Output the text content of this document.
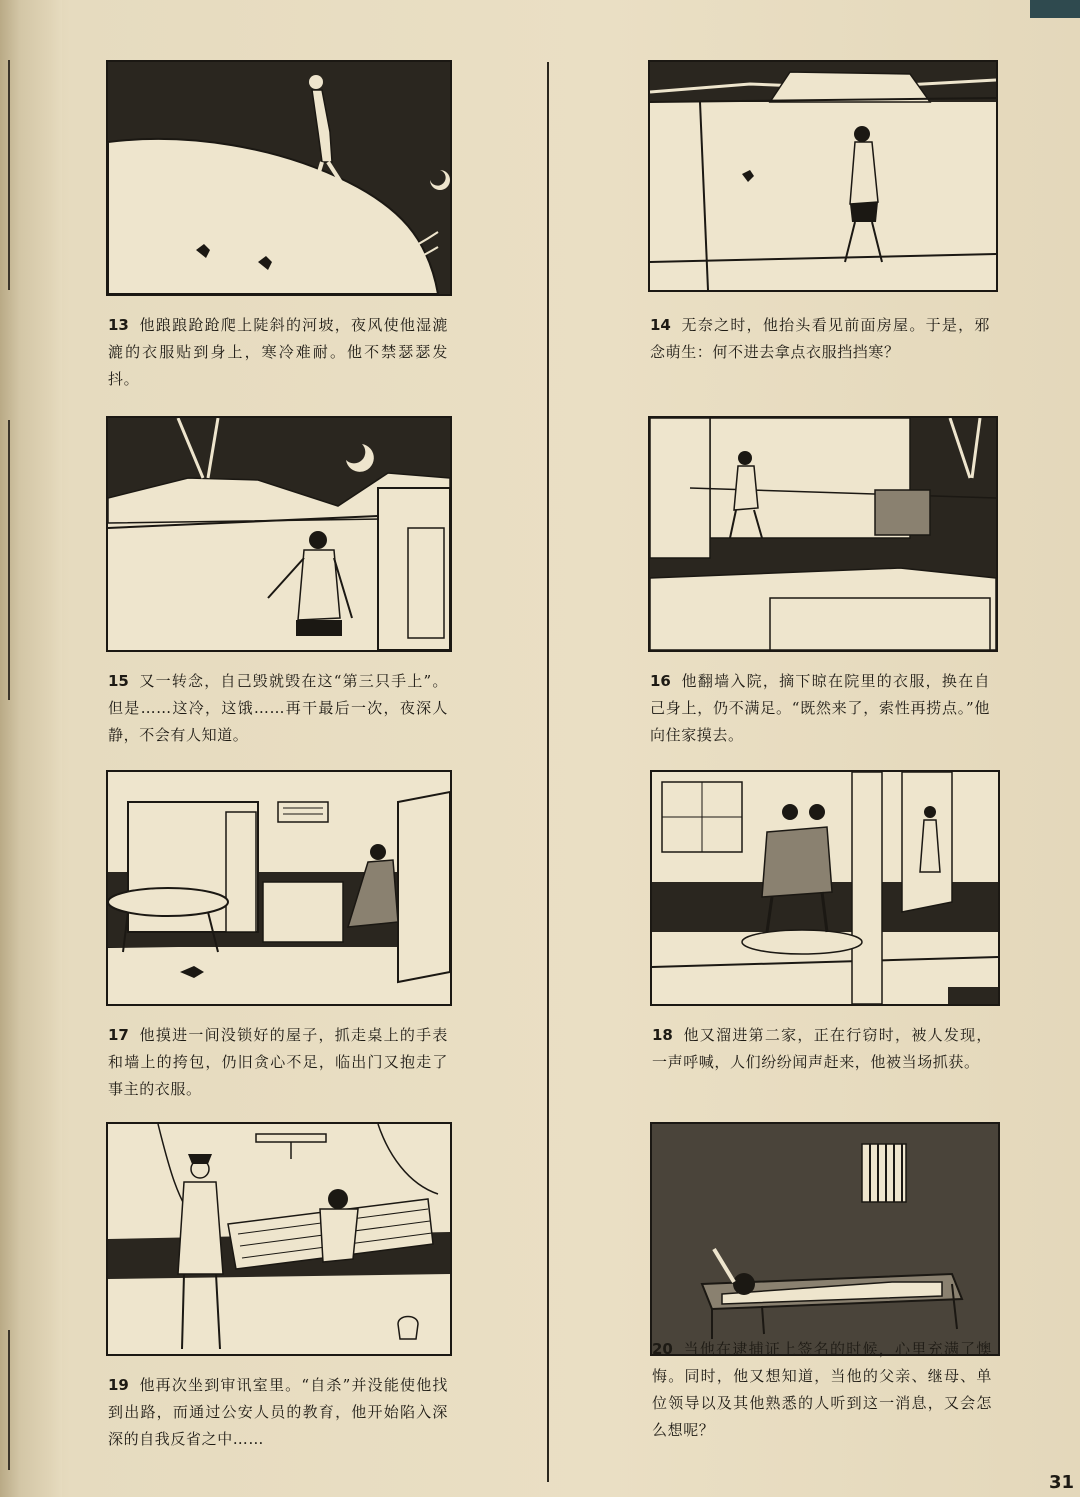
13 他踉踉跄跄爬上陡斜的河坡，夜风使他湿漉漉的衣服贴到身上，寒冷难耐。他不禁瑟瑟发抖。
14 无奈之时，他抬头看见前面房屋。于是，邪念萌生：何不进去拿点衣服挡挡寒？
15 又一转念，自己毁就毁在这“第三只手上”。但是……这冷，这饿……再干最后一次，夜深人静，不会有人知道。
16 他翻墙入院，摘下晾在院里的衣服，换在自己身上，仍不满足。“既然来了，索性再捞点。”他向住家摸去。
17 他摸进一间没锁好的屋子，抓走桌上的手表和墙上的挎包，仍旧贪心不足，临出门又抱走了事主的衣服。
18 他又溜进第二家，正在行窃时，被人发现，一声呼喊，人们纷纷闻声赶来，他被当场抓获。
19 他再次坐到审讯室里。“自杀”并没能使他找到出路，而通过公安人员的教育，他开始陷入深深的自我反省之中……
20 当他在逮捕证上签名的时候，心里充满了懊悔。同时，他又想知道，当他的父亲、继母、单位领导以及其他熟悉的人听到这一消息，又会怎么想呢？
31
